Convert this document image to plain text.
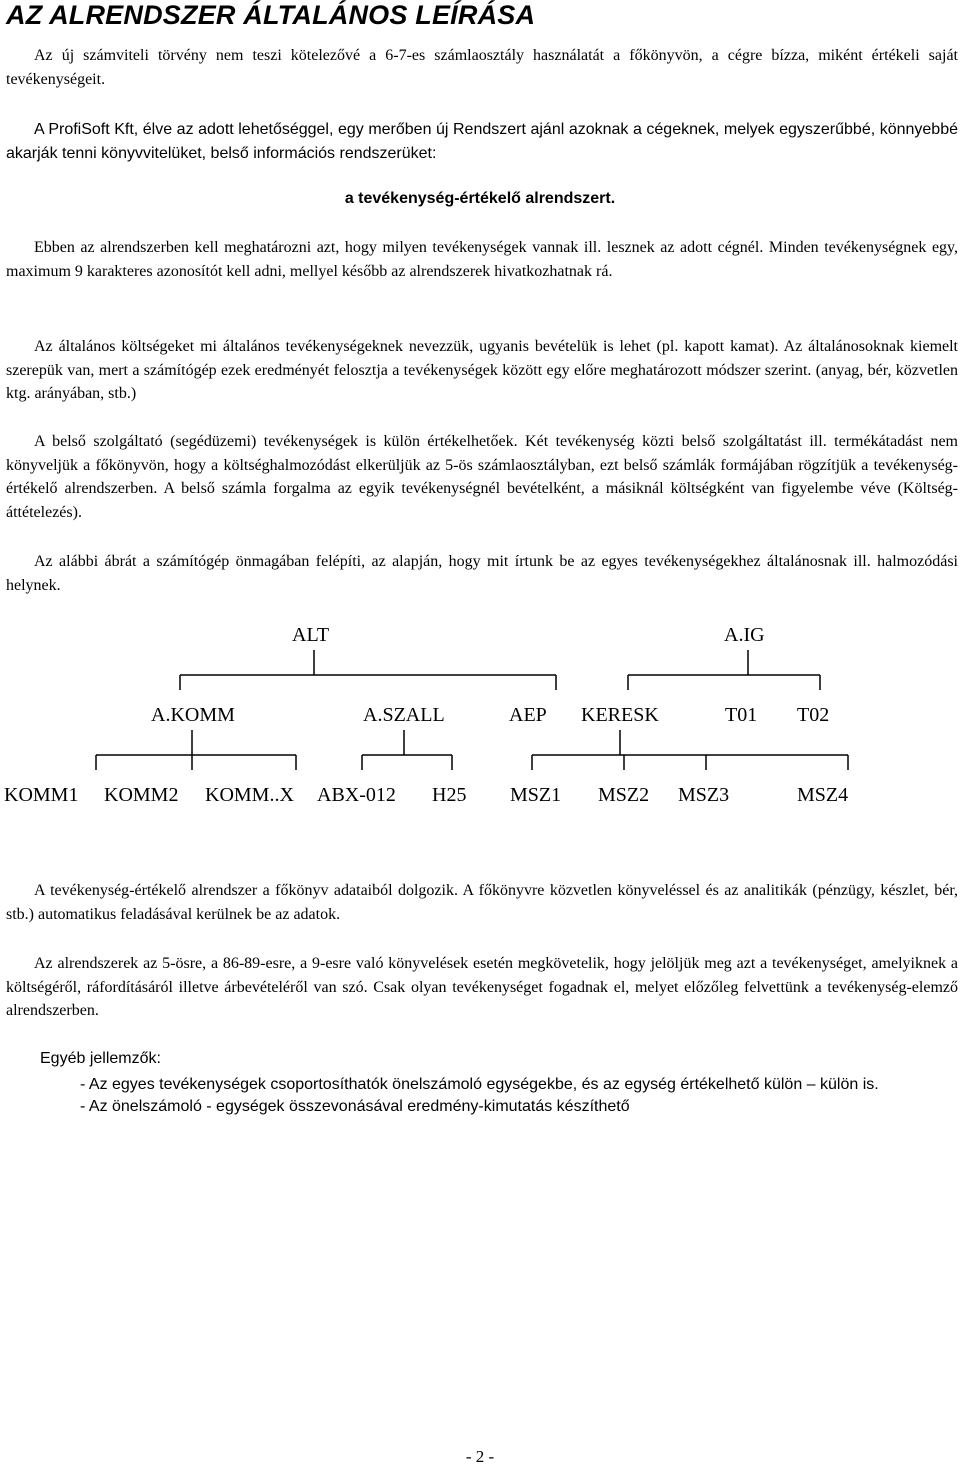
AZ ALRENDSZER ÁLTALÁNOS LEÍRÁSA

Az új számviteli törvény nem teszi kötelezővé a 6-7-es számlaosztály használatát a főkönyvön, a cégre bízza, miként értékeli saját tevékenységeit.

A ProfiSoft Kft, élve az adott lehetőséggel, egy merőben új Rendszert ajánl azoknak a cégeknek, melyek egyszerűbbé, könnyebbé akarják tenni könyvvitelüket, belső információs rendszerüket:

a tevékenység-értékelő alrendszert.

Ebben az alrendszerben kell meghatározni azt, hogy milyen tevékenységek vannak ill. lesznek az adott cégnél. Minden tevékenységnek egy, maximum 9 karakteres azonosítót kell adni, mellyel később az alrendszerek hivatkozhatnak rá.

Az általános költségeket mi általános tevékenységeknek nevezzük, ugyanis bevételük is lehet (pl. kapott kamat). Az általánosoknak kiemelt szerepük van, mert a számítógép ezek eredményét felosztja a tevékenységek között egy előre meghatározott módszer szerint. (anyag, bér, közvetlen ktg. arányában, stb.)

A belső szolgáltató (segédüzemi) tevékenységek is külön értékelhetőek. Két tevékenység közti belső szolgáltatást ill. termékátadást nem könyveljük a főkönyvön, hogy a költséghalmozódást elkerüljük az 5-ös számlaosztályban, ezt belső számlák formájában rögzítjük a tevékenység-értékelő alrendszerben. A belső számla forgalma az egyik tevékenységnél bevételként, a másiknál költségként van figyelembe véve (Költség-áttételezés).

Az alábbi ábrát a számítógép önmagában felépíti, az alapján, hogy mit írtunk be az egyes tevékenységekhez általánosnak ill. halmozódási helynek.

ALT	A.IG
A.KOMM	A.SZALL	AEP KERESK	T01 T02
KOMM1 KOMM2 KOMM..X ABX-012 H25 MSZ1 MSZ2 MSZ3	MSZ4

A tevékenység-értékelő alrendszer a főkönyv adataiból dolgozik. A főkönyvre közvetlen könyveléssel és az analitikák (pénzügy, készlet, bér, stb.) automatikus feladásával kerülnek be az adatok.

Az alrendszerek az 5-ösre, a 86-89-esre, a 9-esre való könyvelések esetén megkövetelik, hogy jelöljük meg azt a tevékenységet, amelyiknek a költségéről, ráfordításáról illetve árbevételéről van szó. Csak olyan tevékenységet fogadnak el, melyet előzőleg felvettünk a tevékenység-elemző alrendszerben.

Egyéb jellemzők:

- Az egyes tevékenységek csoportosíthatók önelszámoló egységekbe, és az egység értékelhető külön – külön is.

- Az önelszámoló - egységek összevonásával eredmény-kimutatás készíthető

- 2 -
